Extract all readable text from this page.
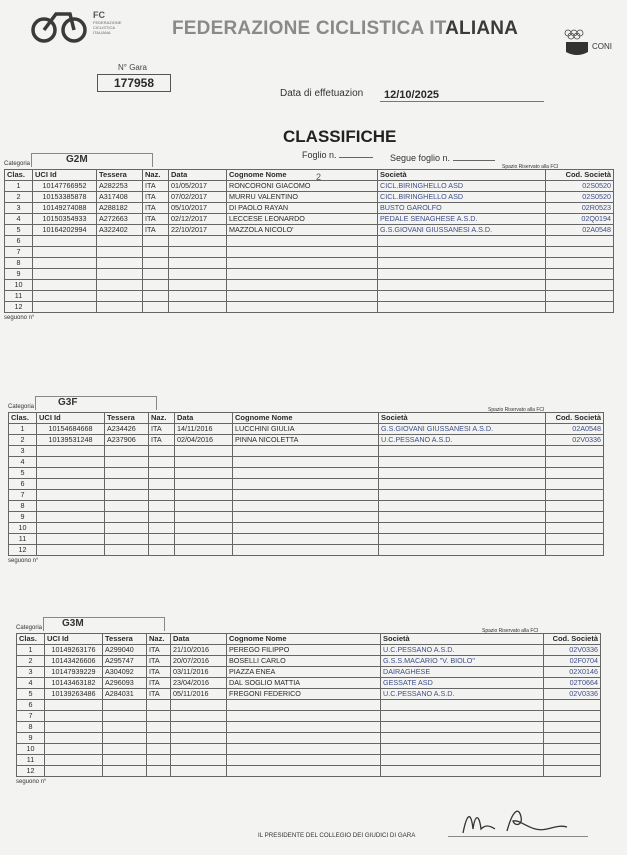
FC
FEDERAZIONE
CICLISTICA
ITALIANA	FEDERAZIONE CICLISTICA ITALIANA
CONI
N° Gara
177958
Data di effetuazion	12/10/2025
CLASSIFICHE
Foglio n.
2
Segue foglio n.
Categoria	G2M
Spazio Riservato alla FCI
Clas.	UCI Id	Tessera	Naz.	Data	Cognome Nome	Società	Cod. Società
1	10147766952	A282253	ITA	01/05/2017	RONCORONI GIACOMO	CICL.BIRINGHELLO ASD	02S0520
2	10153385878	A317408	ITA	07/02/2017	MURRU VALENTINO	CICL.BIRINGHELLO ASD	02S0520
3	10149274088	A288182	ITA	05/10/2017	DI PAOLO RAYAN	BUSTO GAROLFO	02R0523
4	10150354933	A272663	ITA	02/12/2017	LECCESE LEONARDO	PEDALE SENAGHESE A.S.D.	02Q0194
5	10164202994	A322402	ITA	22/10/2017	MAZZOLA NICOLO'	G.S.GIOVANI GIUSSANESI A.S.D.	02A0548
6							
7							
8							
9							
10							
11							
12							
seguono n°
Categoria G3F
Spazio Riservato alla FCI
Clas.	UCI Id	Tessera	Naz.	Data	Cognome Nome	Società	Cod. Società
1	10154684668	A234426	ITA	14/11/2016	LUCCHINI GIULIA	G.S.GIOVANI GIUSSANESI A.S.D.	02A0548
2	10139531248	A237906	ITA	02/04/2016	PINNA NICOLETTA	U.C.PESSANO A.S.D.	02V0336
3							
4							
5							
6							
7							
8							
9							
10							
11							
12							
seguono n°
Categoria G3M
Spazio Riservato alla FCI
Clas.	UCI Id	Tessera	Naz.	Data	Cognome Nome	Società	Cod. Società
1	10149263176	A299040	ITA	21/10/2016	PEREGO FILIPPO	U.C.PESSANO A.S.D.	02V0336
2	10143426606	A295747	ITA	20/07/2016	BOSELLI CARLO	G.S.S.MACARIO "V. BIOLO"	02F0704
3	10147939229	A304092	ITA	03/11/2016	PIAZZA ENEA	DAIRAGHESE	02X0146
4	10143463182	A296093	ITA	23/04/2016	DAL SOGLIO MATTIA	GESSATE ASD	02T0664
5	10139263486	A284031	ITA	05/11/2016	FREGONI FEDERICO	U.C.PESSANO A.S.D.	02V0336
6							
7							
8							
9							
10							
11							
12							
seguono n°
IL PRESIDENTE DEL COLLEGIO DEI GIUDICI DI GARA
